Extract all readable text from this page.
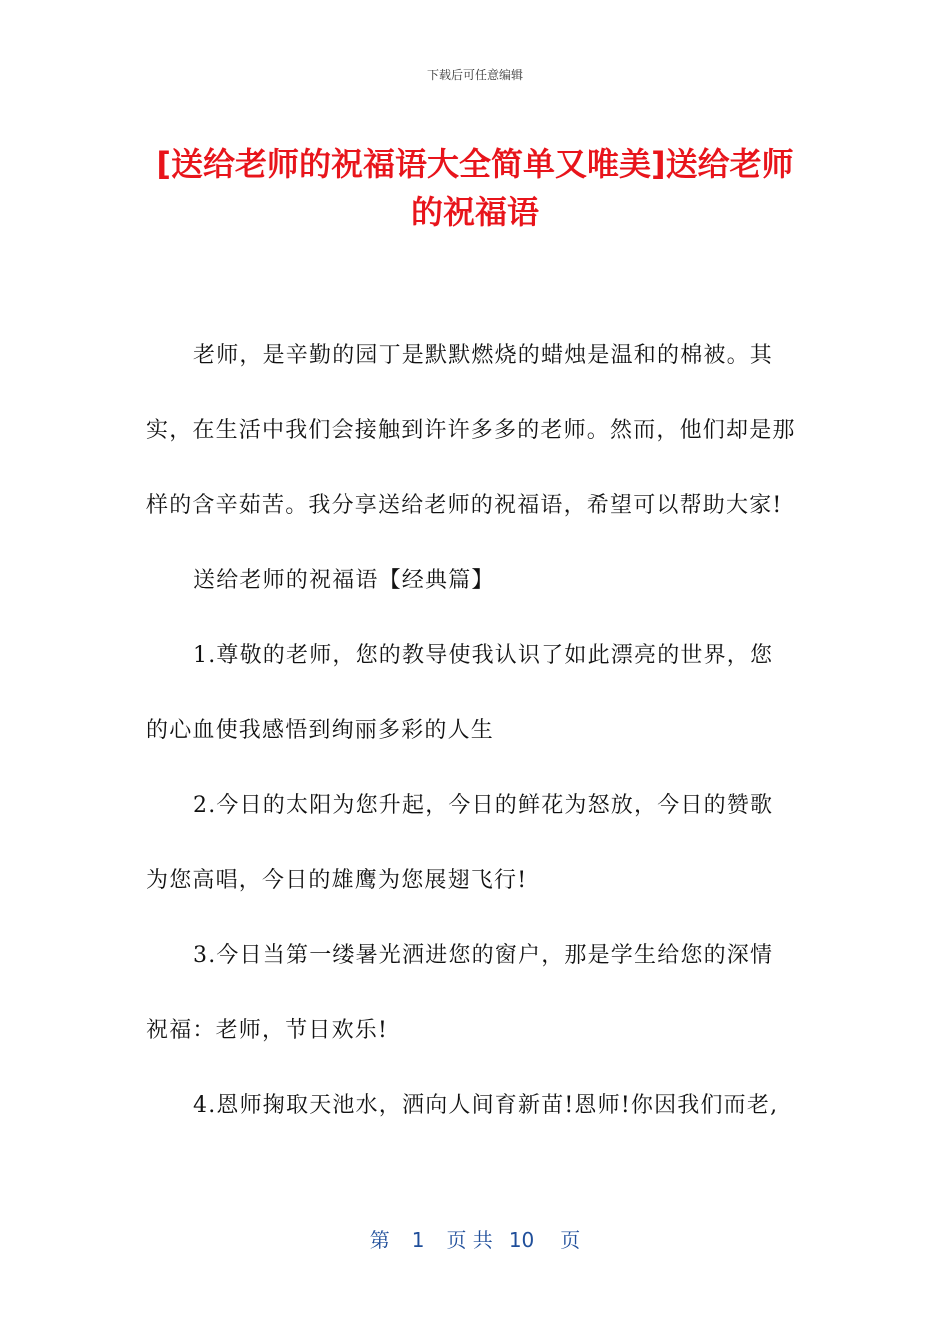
下载后可任意编辑
[送给老师的祝福语大全简单又唯美]送给老师的祝福语

老师，是辛勤的园丁是默默燃烧的蜡烛是温和的棉被。其实，在生活中我们会接触到许许多多的老师。然而，他们却是那样的含辛茹苦。我分享送给老师的祝福语，希望可以帮助大家!

送给老师的祝福语【经典篇】

1.尊敬的老师，您的教导使我认识了如此漂亮的世界，您的心血使我感悟到绚丽多彩的人生

2.今日的太阳为您升起，今日的鲜花为怒放，今日的赞歌为您高唱，今日的雄鹰为您展翅飞行!

3.今日当第一缕暑光洒进您的窗户，那是学生给您的深情祝福：老师，节日欢乐!

4.恩师掬取天池水，洒向人间育新苗!恩师!你因我们而老,

第 1 页 共 10 页
